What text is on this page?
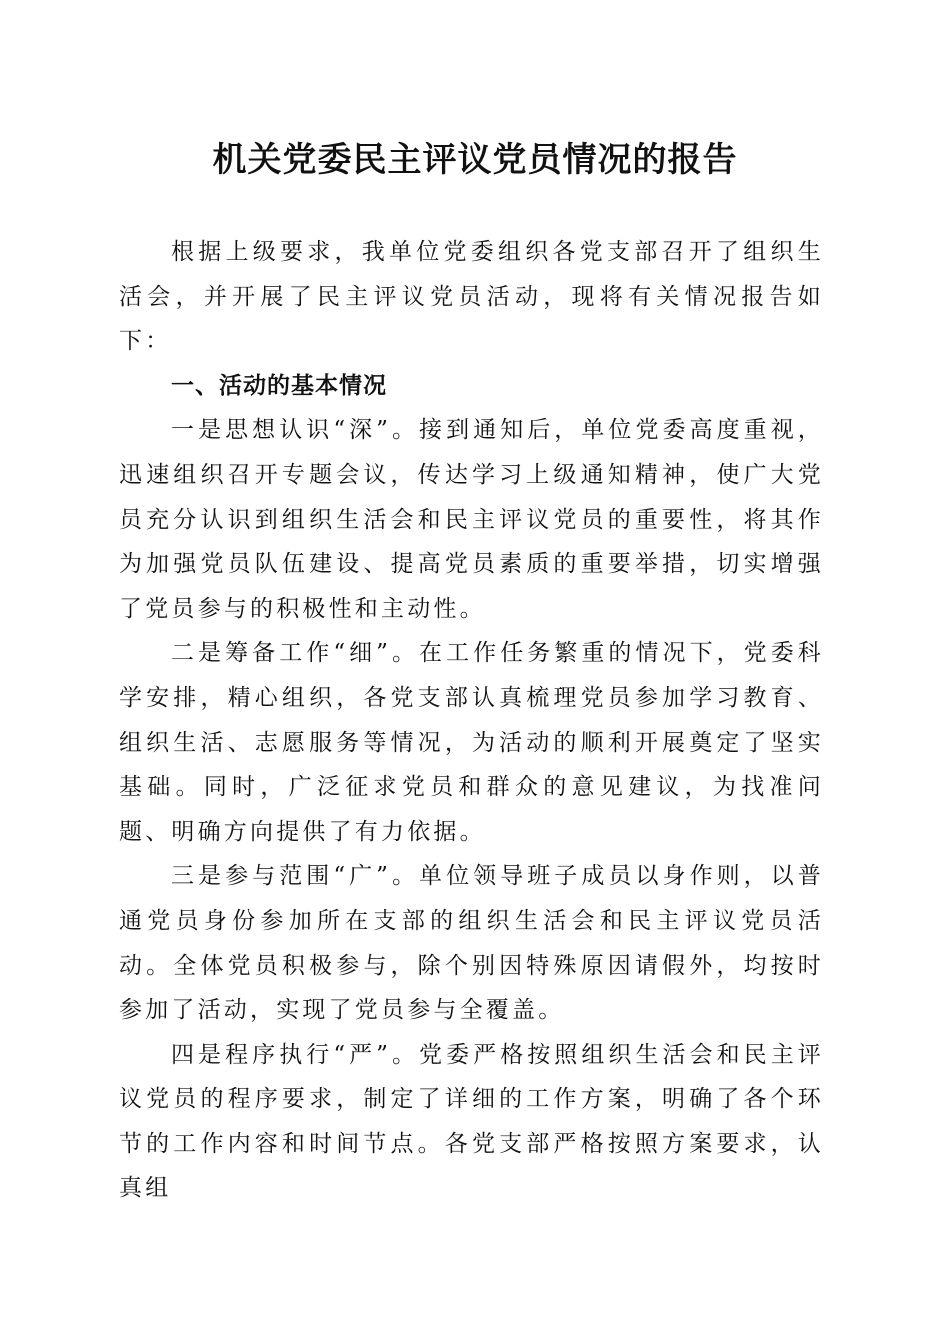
机关党委民主评议党员情况的报告

根据上级要求，我单位党委组织各党支部召开了组织生活会，并开展了民主评议党员活动，现将有关情况报告如下：

一、活动的基本情况

一是思想认识“深”。接到通知后，单位党委高度重视，迅速组织召开专题会议，传达学习上级通知精神，使广大党员充分认识到组织生活会和民主评议党员的重要性，将其作为加强党员队伍建设、提高党员素质的重要举措，切实增强了党员参与的积极性和主动性。

二是筹备工作“细”。在工作任务繁重的情况下，党委科学安排，精心组织，各党支部认真梳理党员参加学习教育、组织生活、志愿服务等情况，为活动的顺利开展奠定了坚实基础。同时，广泛征求党员和群众的意见建议，为找准问题、明确方向提供了有力依据。

三是参与范围“广”。单位领导班子成员以身作则，以普通党员身份参加所在支部的组织生活会和民主评议党员活动。全体党员积极参与，除个别因特殊原因请假外，均按时参加了活动，实现了党员参与全覆盖。

四是程序执行“严”。党委严格按照组织生活会和民主评议党员的程序要求，制定了详细的工作方案，明确了各个环节的工作内容和时间节点。各党支部严格按照方案要求，认真组
